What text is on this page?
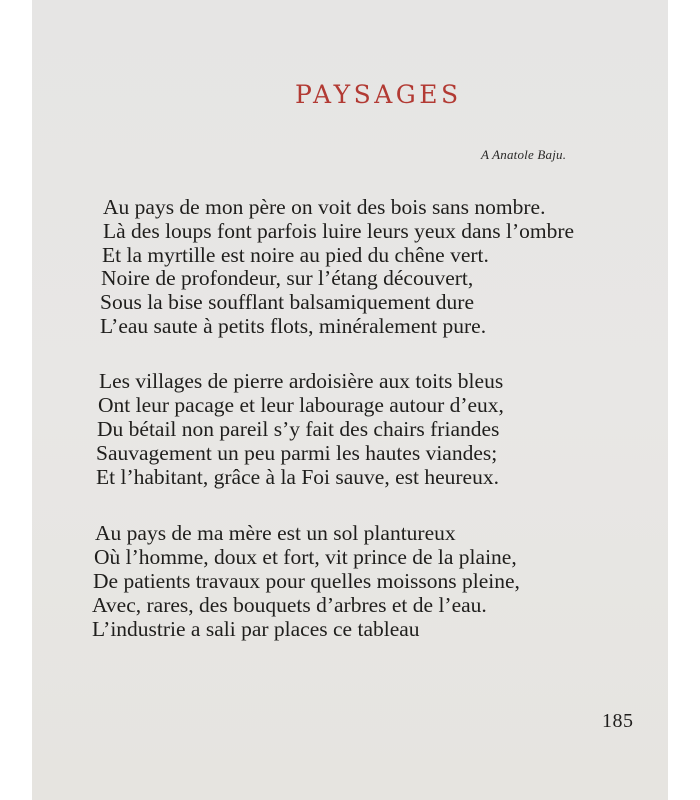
PAYSAGES
A Anatole Baju.
Au pays de mon père on voit des bois sans nombre.
Là des loups font parfois luire leurs yeux dans l’ombre
Et la myrtille est noire au pied du chêne vert.
Noire de profondeur, sur l’étang découvert,
Sous la bise soufflant balsamiquement dure
L’eau saute à petits flots, minéralement pure.
Les villages de pierre ardoisière aux toits bleus
Ont leur pacage et leur labourage autour d’eux,
Du bétail non pareil s’y fait des chairs friandes
Sauvagement un peu parmi les hautes viandes;
Et l’habitant, grâce à la Foi sauve, est heureux.
Au pays de ma mère est un sol plantureux
Où l’homme, doux et fort, vit prince de la plaine,
De patients travaux pour quelles moissons pleine,
Avec, rares, des bouquets d’arbres et de l’eau.
L’industrie a sali par places ce tableau
185
